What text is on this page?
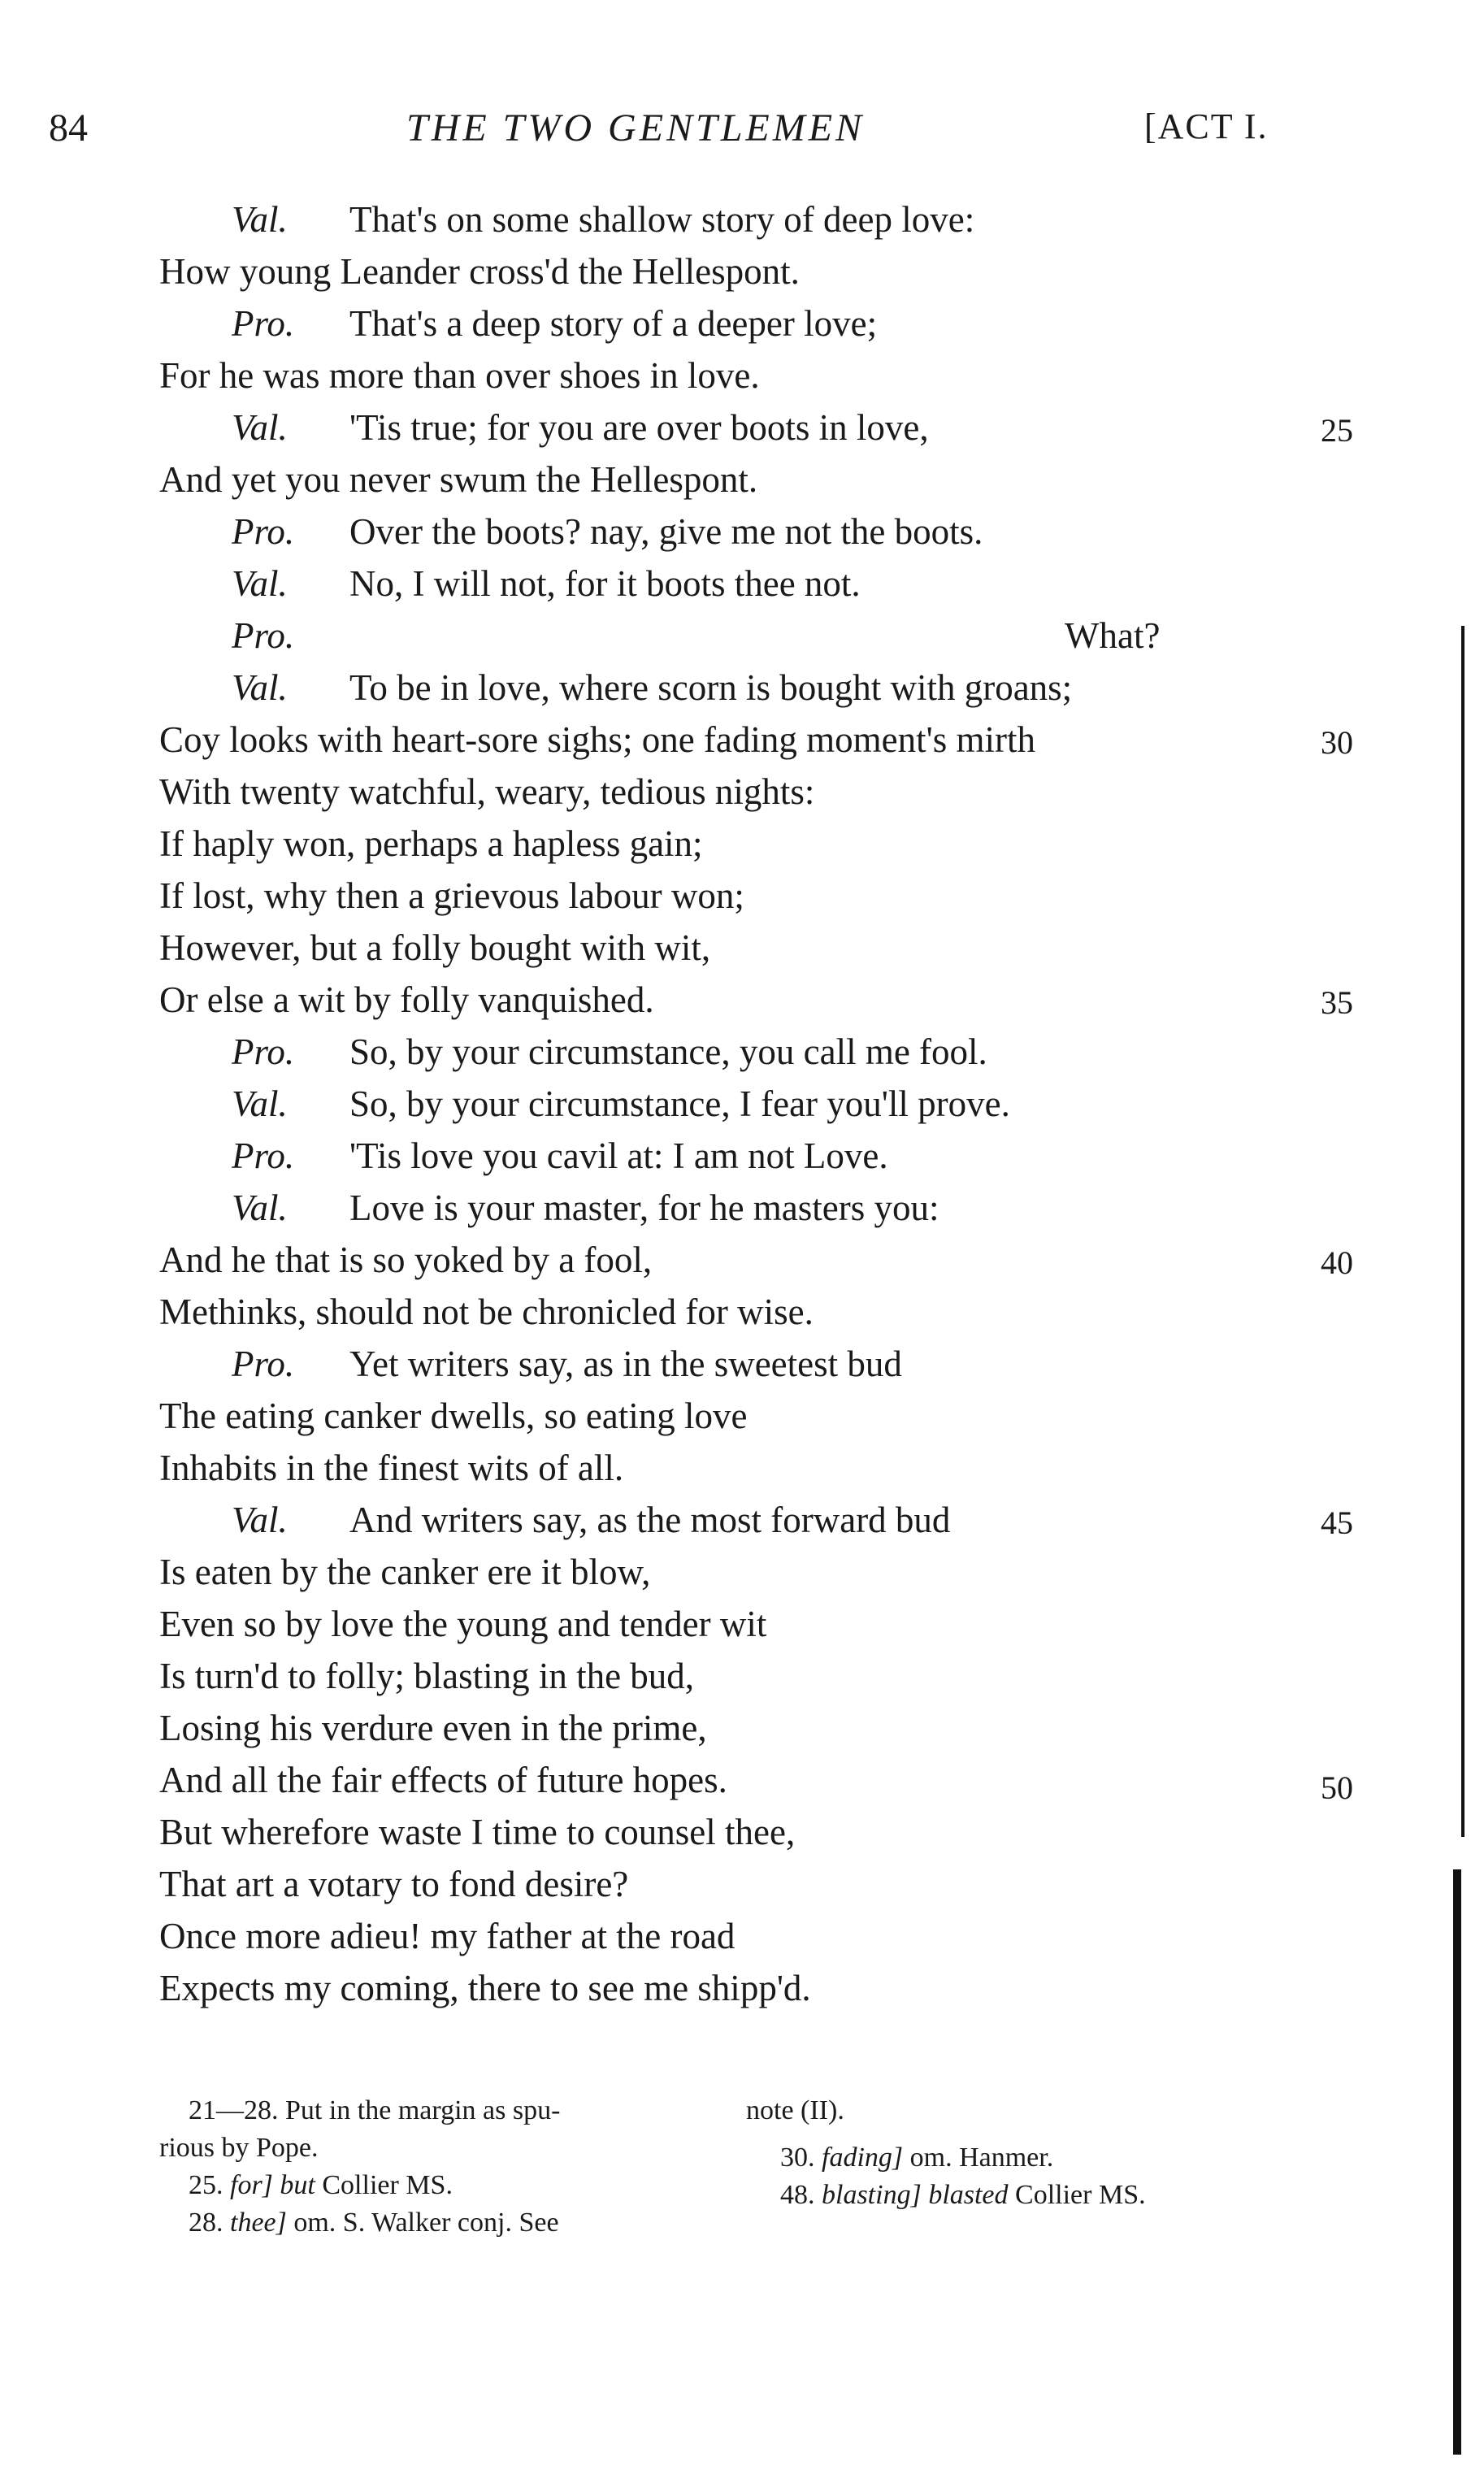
84	THE TWO GENTLEMEN	[ACT I.
Val. That's on some shallow story of deep love:
How young Leander cross'd the Hellespont.
Pro. That's a deep story of a deeper love;
For he was more than over shoes in love.
Val. 'Tis true; for you are over boots in love,
And yet you never swum the Hellespont.
Pro. Over the boots? nay, give me not the boots.
Val. No, I will not, for it boots thee not.
Pro.	What?
Val. To be in love, where scorn is bought with groans;
Coy looks with heart-sore sighs; one fading moment's mirth
With twenty watchful, weary, tedious nights:
If haply won, perhaps a hapless gain;
If lost, why then a grievous labour won;
However, but a folly bought with wit,
Or else a wit by folly vanquished.
Pro. So, by your circumstance, you call me fool.
Val. So, by your circumstance, I fear you'll prove.
Pro. 'Tis love you cavil at: I am not Love.
Val. Love is your master, for he masters you:
And he that is so yoked by a fool,
Methinks, should not be chronicled for wise.
Pro. Yet writers say, as in the sweetest bud
The eating canker dwells, so eating love
Inhabits in the finest wits of all.
Val. And writers say, as the most forward bud
Is eaten by the canker ere it blow,
Even so by love the young and tender wit
Is turn'd to folly; blasting in the bud,
Losing his verdure even in the prime,
And all the fair effects of future hopes.
But wherefore waste I time to counsel thee,
That art a votary to fond desire?
Once more adieu! my father at the road
Expects my coming, there to see me shipp'd.
25
30
35
40
45
50
21—28. Put in the margin as spu-
rious by Pope.
25. for] but Collier MS.
28. thee] om. S. Walker conj. See
note (II).
30. fading] om. Hanmer.
48. blasting] blasted Collier MS.
